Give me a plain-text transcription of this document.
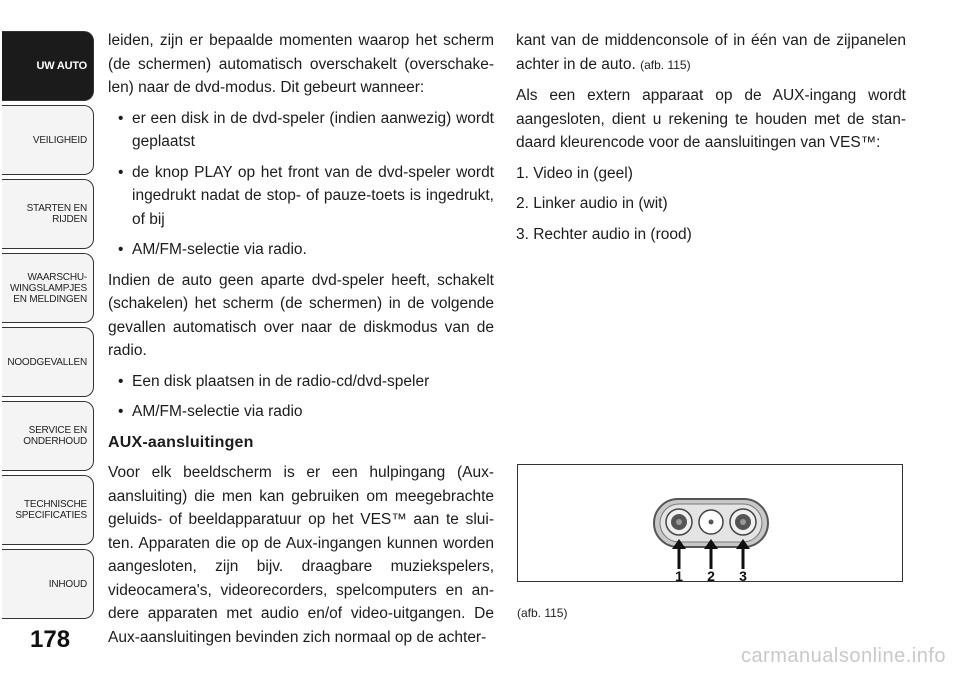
UW AUTO
VEILIGHEID
STARTEN EN
RIJDEN
WAARSCHU-
WINGSLAMPJES
EN MELDINGEN
NOODGEVALLEN
SERVICE EN
ONDERHOUD
TECHNISCHE
SPECIFICATIES
INHOUD
178

leiden, zijn er bepaalde momenten waarop het scherm (de schermen) automatisch overschakelt (overschakelen) naar de dvd-modus. Dit gebeurt wanneer:

• er een disk in de dvd-speler (indien aanwezig) wordt geplaatst
• de knop PLAY op het front van de dvd-speler wordt ingedrukt nadat de stop- of pauze-toets is ingedrukt, of bij
• AM/FM-selectie via radio.

Indien de auto geen aparte dvd-speler heeft, schakelt (schakelen) het scherm (de schermen) in de volgende gevallen automatisch over naar de diskmodus van de radio.

• Een disk plaatsen in de radio-cd/dvd-speler
• AM/FM-selectie via radio

AUX-aansluitingen

Voor elk beeldscherm is er een hulpingang (Aux-aansluiting) die men kan gebruiken om meegebrachte geluids- of beeldapparatuur op het VES™ aan te sluiten. Apparaten die op de Aux-ingangen kunnen worden aangesloten, zijn bijv. draagbare muziekspelers, videocamera's, videorecorders, spelcomputers en andere apparaten met audio en/of video-uitgangen. De Aux-aansluitingen bevinden zich normaal op de achter-

kant van de middenconsole of in één van de zijpanelen achter in de auto. (afb. 115)

Als een extern apparaat op de AUX-ingang wordt aangesloten, dient u rekening te houden met de standaard kleurencode voor de aansluitingen van VES™:

1. Video in (geel)
2. Linker audio in (wit)
3. Rechter audio in (rood)
1 2 3
(afb. 115)
carmanualsonline.info
